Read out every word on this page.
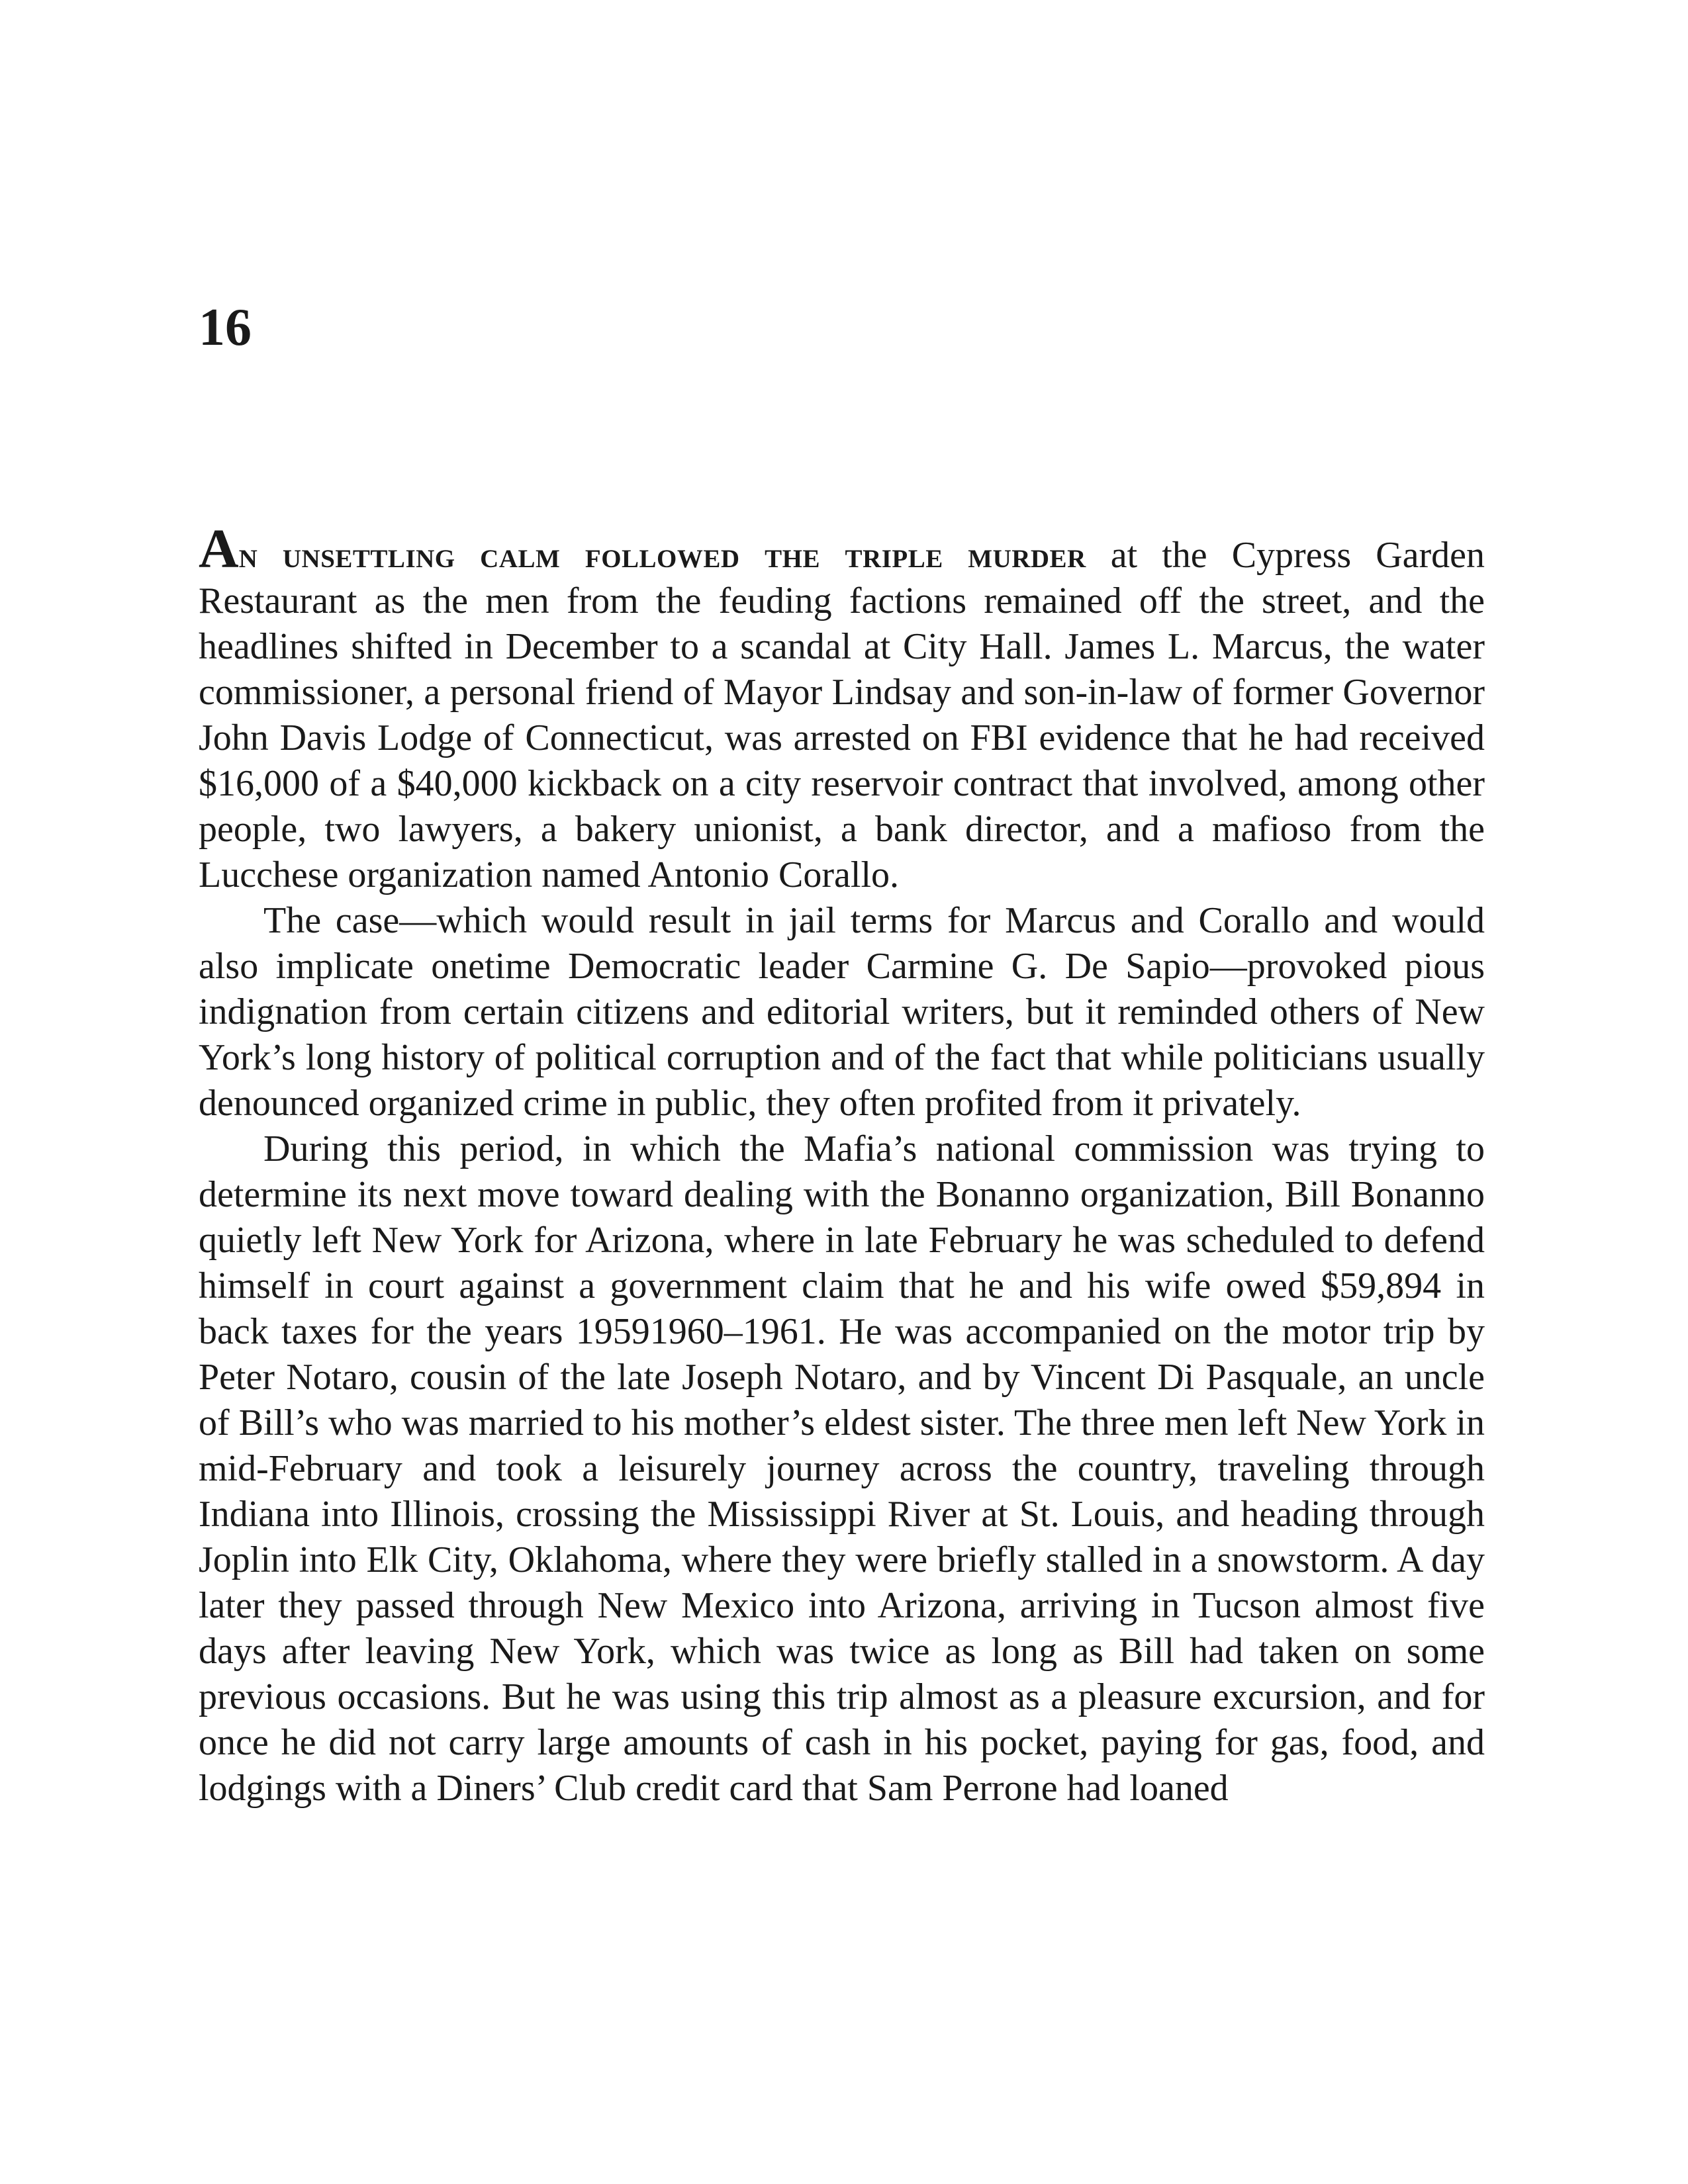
16

An unsettling calm followed the triple murder at the Cypress Garden Restaurant as the men from the feuding factions remained off the street, and the headlines shifted in December to a scandal at City Hall. James L. Marcus, the water commissioner, a personal friend of Mayor Lindsay and son-in-law of former Governor John Davis Lodge of Connecticut, was arrested on FBI evidence that he had received $16,000 of a $40,000 kickback on a city reservoir contract that involved, among other people, two lawyers, a bakery unionist, a bank director, and a mafioso from the Lucchese organization named Antonio Corallo.

The case—which would result in jail terms for Marcus and Corallo and would also implicate onetime Democratic leader Carmine G. De Sapio—provoked pious indignation from certain citizens and editorial writers, but it reminded others of New York’s long history of political corruption and of the fact that while politicians usually denounced organized crime in public, they often profited from it privately.

During this period, in which the Mafia’s national commission was trying to determine its next move toward dealing with the Bonanno organization, Bill Bonanno quietly left New York for Arizona, where in late February he was scheduled to defend himself in court against a government claim that he and his wife owed $59,894 in back taxes for the years 19591960–1961. He was accompanied on the motor trip by Peter Notaro, cousin of the late Joseph Notaro, and by Vincent Di Pasquale, an uncle of Bill’s who was married to his mother’s eldest sister. The three men left New York in mid-February and took a leisurely journey across the country, traveling through Indiana into Illinois, crossing the Mississippi River at St. Louis, and heading through Joplin into Elk City, Oklahoma, where they were briefly stalled in a snowstorm. A day later they passed through New Mexico into Arizona, arriving in Tucson almost five days after leaving New York, which was twice as long as Bill had taken on some previous occasions. But he was using this trip almost as a pleasure excursion, and for once he did not carry large amounts of cash in his pocket, paying for gas, food, and lodgings with a Diners’ Club credit card that Sam Perrone had loaned
